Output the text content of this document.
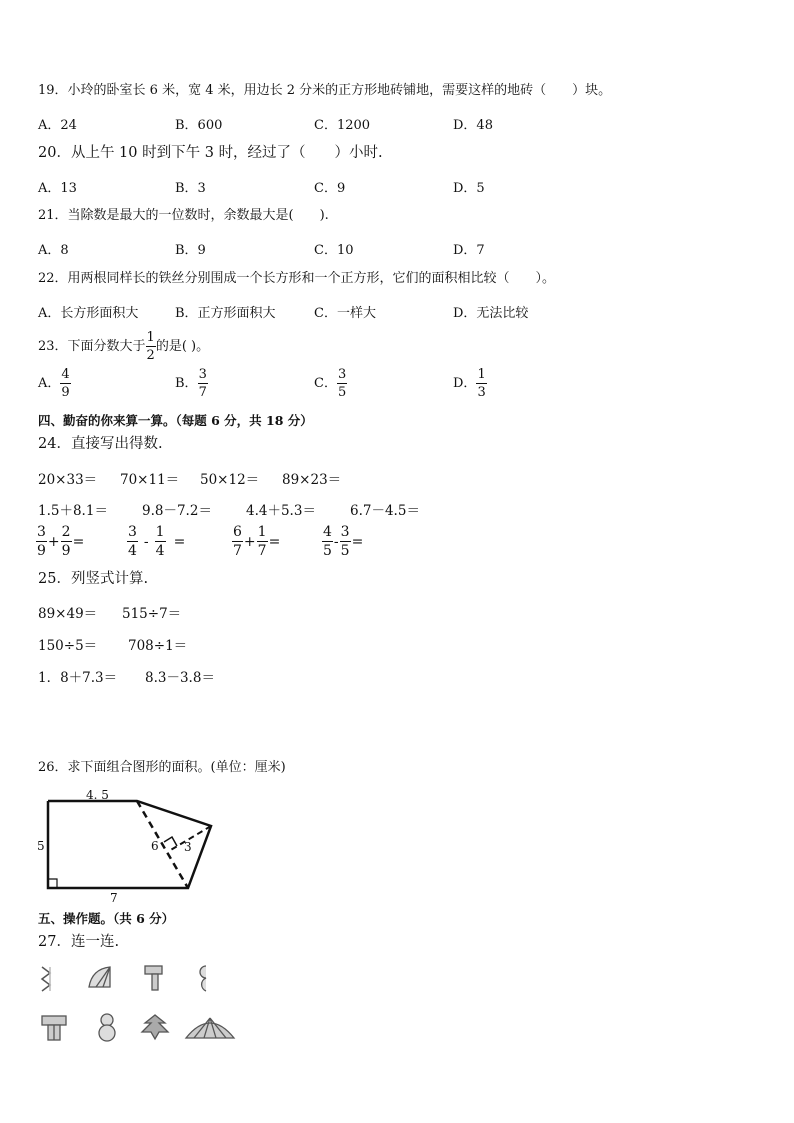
19．小玲的卧室长 6 米，宽 4 米，用边长 2 分米的正方形地砖铺地，需要这样的地砖（　　）块。
A．24	B．600	C．1200	D．48
20．从上午 10 时到下午 3 时，经过了（　　）小时.
A．13	B．3	C．9	D．5
21．当除数是最大的一位数时，余数最大是(　　).
A．8	B．9	C．10	D．7
22．用两根同样长的铁丝分别围成一个长方形和一个正方形，它们的面积相比较（　　）。
A．长方形面积大	B．正方形面积大	C．一样大	D．无法比较
23．下面分数大于 $\frac{1}{2}$ 的是( )。
A． $\frac{4}{9}$	B． $\frac{3}{7}$	C． $\frac{3}{5}$	D． $\frac{1}{3}$
四、勤奋的你来算一算。（每题 6 分，共 18 分）
24．直接写出得数.
20×33＝ 70×11＝ 50×12＝ 89×23＝
1.5＋8.1＝	9.8－7.2＝	4.4＋5.3＝	6.7－4.5＝
$\frac{3}{9} + \frac{2}{9}$ =	$\frac{3}{4} - \frac{1}{4}$ =	$\frac{6}{7} + \frac{1}{7}$ =	$\frac{4}{5} - \frac{3}{5}$ =
25．列竖式计算.
89×49＝ 515÷7＝
150÷5＝ 708÷1＝
1．8＋7.3＝ 8.3－3.8＝
26．求下面组合图形的面积。(单位：厘米)
4. 5
5	6 3
7
五、操作题。（共 6 分）
27．连一连.
